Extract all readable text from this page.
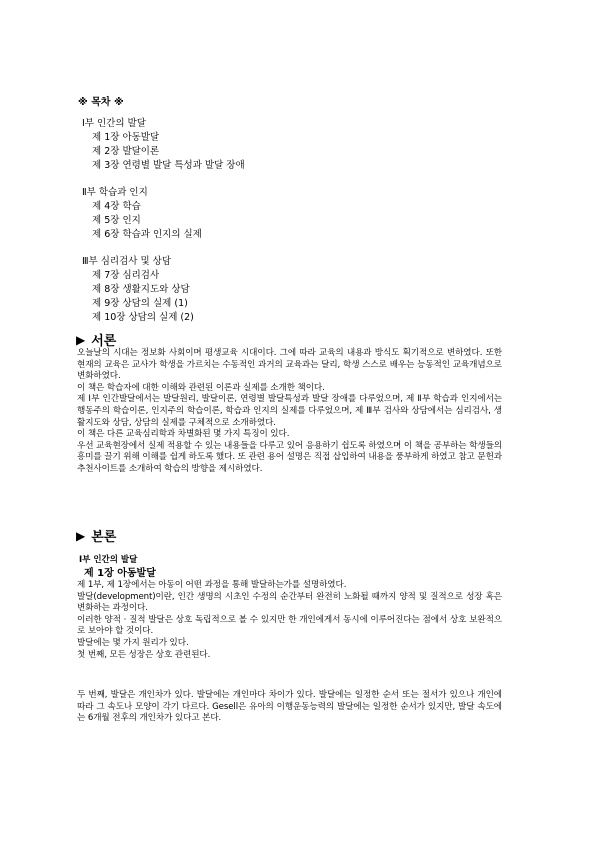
※ 목차 ※

Ⅰ부 인간의 발달

제 1장 아동발달

제 2장 발달이론

제 3장 연령별 발달 특성과 발달 장애

Ⅱ부 학습과 인지

제 4장 학습

제 5장 인지

제 6장 학습과 인지의 실제

Ⅲ부 심리검사 및 상담

제 7장 심리검사

제 8장 생활지도와 상담

제 9장 상담의 실제 (1)

제 10장 상담의 실제 (2)

▶ 서론

오늘날의 시대는 정보화 사회이며 평생교육 시대이다. 그에 따라 교육의 내용과 방식도 획기적으로 변하였다. 또한 현재의 교육은 교사가 학생을 가르치는 수동적인 과거의 교육과는 달리, 학생 스스로 배우는 능동적인 교육개념으로 변화하였다.

이 책은 학습자에 대한 이해와 관련된 이론과 실제를 소개한 책이다.

제 Ⅰ부 인간발달에서는 발달원리, 발달이론, 연령별 발달특성과 발달 장애를 다루었으며, 제 Ⅱ부 학습과 인지에서는 행동주의 학습이론, 인지주의 학습이론, 학습과 인지의 실제를 다루었으며, 제 Ⅲ부 검사와 상담에서는 심리검사, 생활지도와 상담, 상담의 실제를 구체적으로 소개하였다.

이 책은 다른 교육심리학과 차별화된 몇 가지 특징이 있다.

우선 교육현장에서 실제 적용할 수 있는 내용들을 다루고 있어 응용하기 쉽도록 하였으며 이 책을 공부하는 학생들의 흥미를 끌기 위해 이해를 쉽게 하도록 했다. 또 관련 용어 설명은 직접 삽입하여 내용을 풍부하게 하였고 참고 문헌과 추천사이트를 소개하여 학습의 방향을 제시하였다.

▶ 본론
Ⅰ부 인간의 발달
제 1장 아동발달

제 1부, 제 1장에서는 아동이 어떤 과정을 통해 발달하는가를 설명하였다.

발달(development)이란, 인간 생명의 시초인 수정의 순간부터 완전히 노화될 때까지 양적 및 질적으로 성장 혹은 변화하는 과정이다.

이러한 양적 · 질적 발달은 상호 독립적으로 볼 수 있지만 한 개인에게서 동시에 이루어진다는 점에서 상호 보완적으로 보아야 할 것이다.

발달에는 몇 가지 원리가 있다.

첫 번째, 모든 성장은 상호 관련된다.

두 번째, 발달은 개인차가 있다. 발달에는 개인마다 차이가 있다. 발달에는 일정한 순서 또는 절서가 있으나 개인에 따라 그 속도나 모양이 각기 다르다. Gesell은 유아의 이행운동능력의 발달에는 일정한 순서가 있지만, 발달 속도에는 6개월 전후의 개인차가 있다고 본다.
